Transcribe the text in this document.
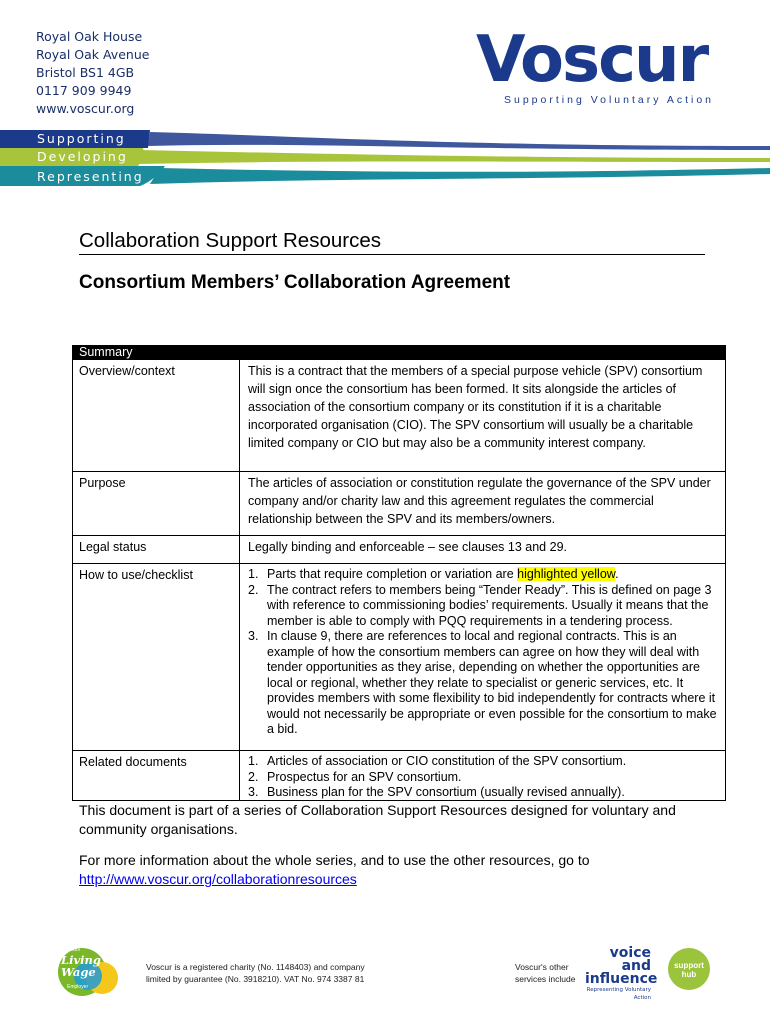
Royal Oak House
Royal Oak Avenue
Bristol BS1 4GB
0117 909 9949
www.voscur.org
Voscur
Supporting Voluntary Action
Supporting
Developing
Representing
Collaboration Support Resources
Consortium Members’ Collaboration Agreement
Summary
Overview/context	This is a contract that the members of a special purpose vehicle (SPV) consortium will sign once the consortium has been formed. It sits alongside the articles of association of the consortium company or its constitution if it is a charitable incorporated organisation (CIO). The SPV consortium will usually be a charitable limited company or CIO but may also be a community interest company.
Purpose	The articles of association or constitution regulate the governance of the SPV under company and/or charity law and this agreement regulates the commercial relationship between the SPV and its members/owners.
Legal status	Legally binding and enforceable – see clauses 13 and 29.
How to use/checklist	Parts that require completion or variation are highlighted yellow.
The contract refers to members being “Tender Ready”. This is defined on page 3 with reference to commissioning bodies’ requirements. Usually it means that the member is able to comply with PQQ requirements in a tendering process.
In clause 9, there are references to local and regional contracts. This is an example of how the consortium members can agree on how they will deal with tender opportunities as they arise, depending on whether the opportunities are local or regional, whether they relate to specialist or generic services, etc. It provides members with some flexibility to bid independently for contracts where it would not necessarily be appropriate or even possible for the consortium to make a bid.
Related documents	Articles of association or CIO constitution of the SPV consortium.
Prospectus for an SPV consortium.
Business plan for the SPV consortium (usually revised annually).
This document is part of a series of Collaboration Support Resources designed for voluntary and community organisations.
For more information about the whole series, and to use the other resources, go to
http://www.voscur.org/collaborationresources
Bristol
Living
Wage
Employer
Voscur is a registered charity (No. 1148403) and company
limited by guarantee (No. 3918210). VAT No. 974 3387 81
Voscur's other
services include
voice
and
influence
Representing Voluntary Action
support
hub
